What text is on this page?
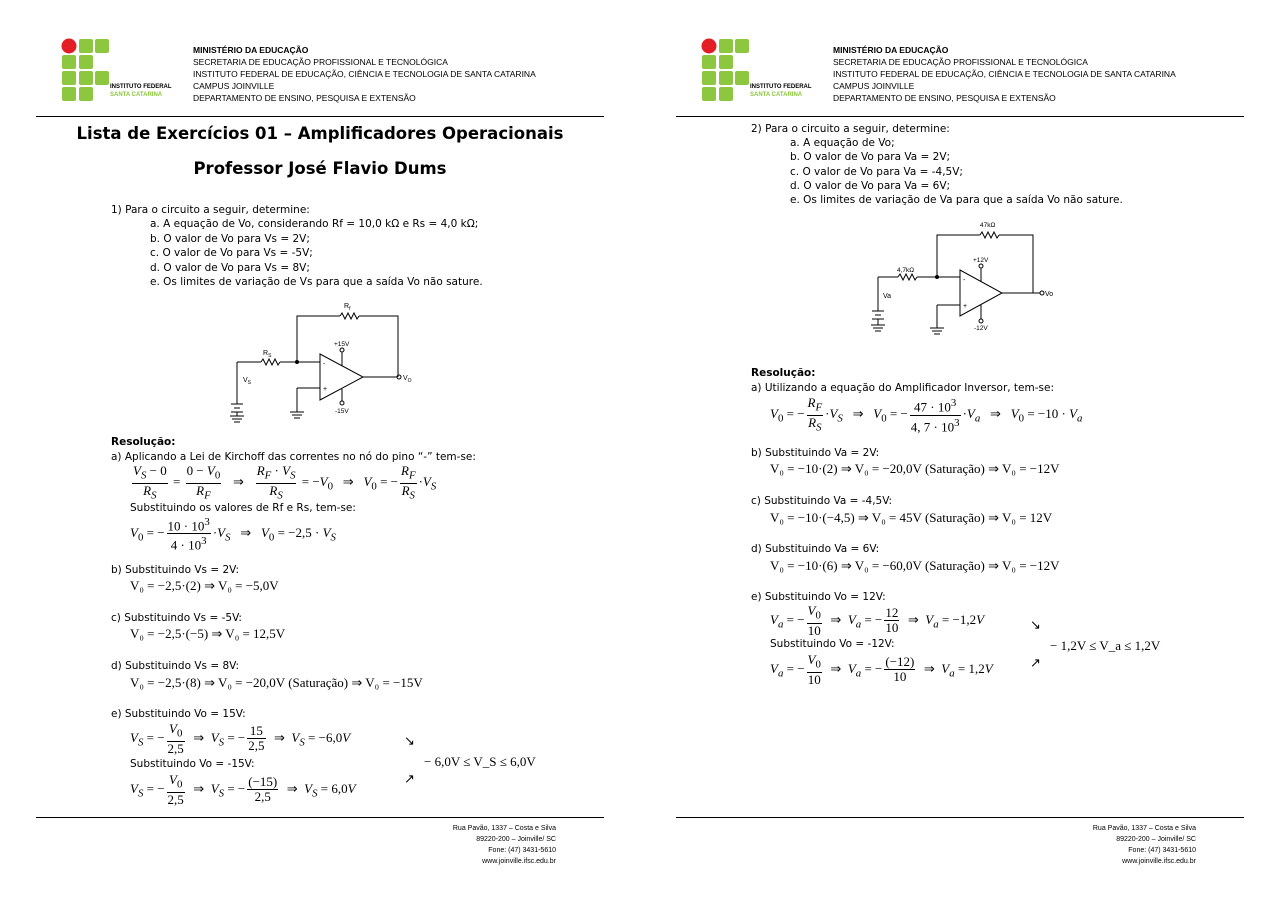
INSTITUTO FEDERAL
SANTA CATARINA
MINISTÉRIO DA EDUCAÇÃO
SECRETARIA DE EDUCAÇÃO PROFISSIONAL E TECNOLÓGICA
INSTITUTO FEDERAL DE EDUCAÇÃO, CIÊNCIA E TECNOLOGIA DE SANTA CATARINA
CAMPUS JOINVILLE
DEPARTAMENTO DE ENSINO, PESQUISA E EXTENSÃO
Lista de Exercícios 01 – Amplificadores Operacionais
Professor José Flavio Dums
1) Para o circuito a seguir, determine:
a. A equação de Vo, considerando Rf = 10,0 kΩ e Rs = 4,0 kΩ;
b. O valor de Vo para Vs = 2V;
c. O valor de Vo para Vs = -5V;
d. O valor de Vo para Vs = 8V;
e. Os limites de variação de Vs para que a saída Vo não sature.
-
+
$R_f$
$R_S$
$V_S$
+15V
-15V
$V_O$
Resolução:
a) Aplicando a Lei de Kirchoff das correntes no nó do pino “-” tem-se:
$\frac{V_S - 0}{R_S} = \frac{0 - V_0}{R_F}$ ⇒ $\frac{R_F \cdot V_S}{R_S} = -V_0$   ⇒   $V_0$ = − $\frac{R_F}{R_S} \cdot V_S$
Substituindo os valores de Rf e Rs, tem-se:
$V_0$ = − $\frac{10 \cdot 10^3}{4 \cdot 10^3} \cdot V_S$   ⇒   $V_0 = -2,5 \cdot V_S$
b) Substituindo Vs = 2V:
V₀ = −2,5·(2) ⇒ V₀ = −5,0V
c) Substituindo Vs = -5V:
V₀ = −2,5·(−5) ⇒ V₀ = 12,5V
d) Substituindo Vs = 8V:
V₀ = −2,5·(8) ⇒ V₀ = −20,0V (Saturação) ⇒ V₀ = −15V
e) Substituindo Vo = 15V:
$V_S$ = − $\frac{V_0}{2,5}$ ⇒  $V_S$ = − $\frac{15}{2,5}$ ⇒  $V_S = -6,0V$
Substituindo Vo = -15V:
$V_S$ = − $\frac{V_0}{2,5}$ ⇒  $V_S$ = − $\frac{(-15)}{2,5}$ ⇒  $V_S = 6,0V$
↘
↗
− 6,0V ≤ V_S ≤ 6,0V
Rua Pavão, 1337 – Costa e Silva
89220-200 – Joinville/ SC
Fone: (47) 3431-5610
www.joinville.ifsc.edu.br
INSTITUTO FEDERAL
SANTA CATARINA
MINISTÉRIO DA EDUCAÇÃO
SECRETARIA DE EDUCAÇÃO PROFISSIONAL E TECNOLÓGICA
INSTITUTO FEDERAL DE EDUCAÇÃO, CIÊNCIA E TECNOLOGIA DE SANTA CATARINA
CAMPUS JOINVILLE
DEPARTAMENTO DE ENSINO, PESQUISA E EXTENSÃO
2) Para o circuito a seguir, determine:
a. A equação de Vo;
b. O valor de Vo para Va = 2V;
c. O valor de Vo para Va = -4,5V;
d. O valor de Vo para Va = 6V;
e. Os limites de variação de Va para que a saída Vo não sature.
-
+
47kΩ
4,7kΩ
Va
+12V
-12V
Vo
Resolução:
a) Utilizando a equação do Amplificador Inversor, tem-se:
$V_0$ = − $\frac{R_F}{R_S} \cdot V_S$   ⇒   $V_0$ = − $\frac{47 \cdot 10^3}{4, 7 \cdot 10^3} \cdot V_a$   ⇒   $V_0 = -10 \cdot V_a$
b) Substituindo Va = 2V:
V₀ = −10·(2) ⇒ V₀ = −20,0V (Saturação) ⇒ V₀ = −12V
c) Substituindo Va = -4,5V:
V₀ = −10·(−4,5) ⇒ V₀ = 45V (Saturação) ⇒ V₀ = 12V
d) Substituindo Va = 6V:
V₀ = −10·(6) ⇒ V₀ = −60,0V (Saturação) ⇒ V₀ = −12V
e) Substituindo Vo = 12V:
$V_a$ = − $\frac{V_0}{10}$ ⇒  $V_a$ = − $\frac{12}{10}$ ⇒  $V_a = -1,2V$
Substituindo Vo = -12V:
$V_a$ = − $\frac{V_0}{10}$ ⇒  $V_a$ = − $\frac{(-12)}{10}$ ⇒  $V_a = 1,2V$
↘
↗
− 1,2V ≤ V_a ≤ 1,2V
Rua Pavão, 1337 – Costa e Silva
89220-200 – Joinville/ SC
Fone: (47) 3431-5610
www.joinville.ifsc.edu.br
